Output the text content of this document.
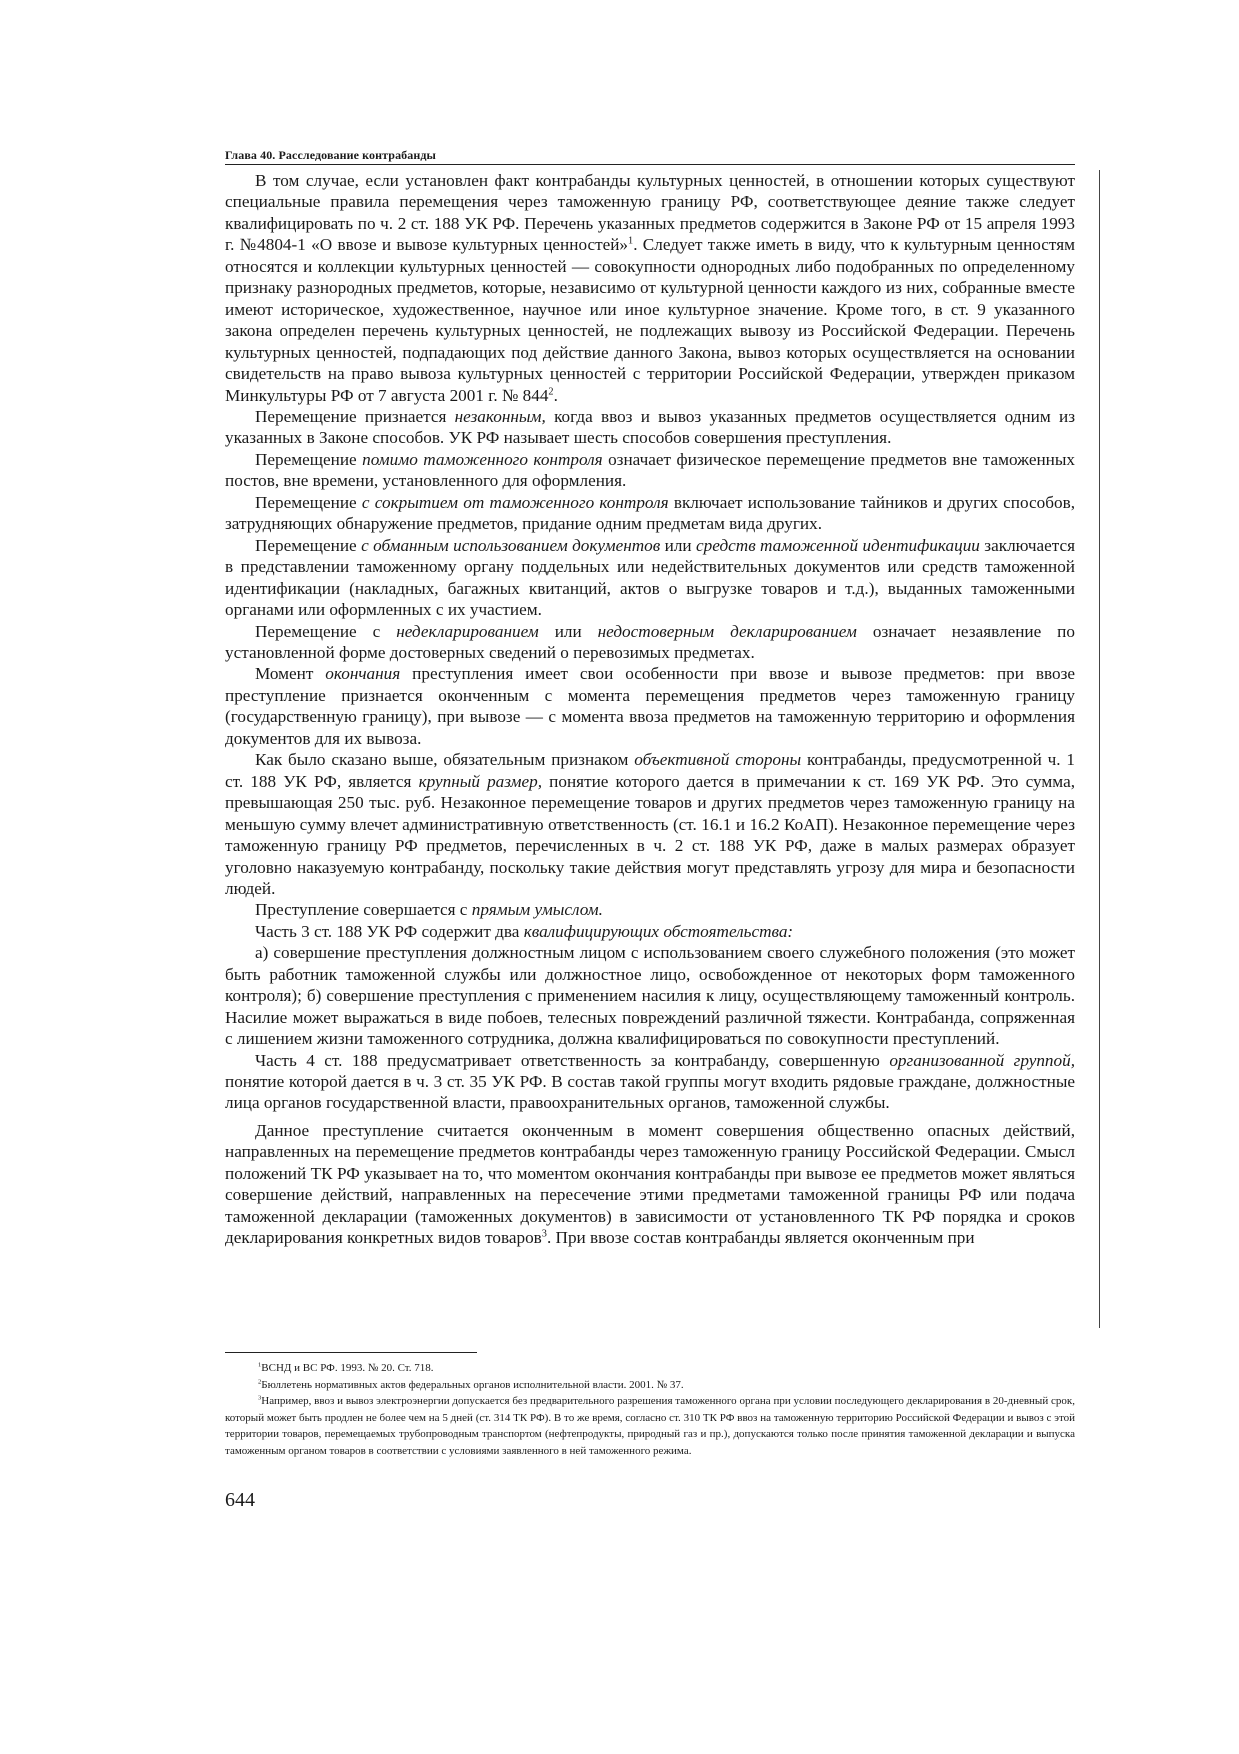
Глава 40. Расследование контрабанды

В том случае, если установлен факт контрабанды культурных ценностей, в отношении которых существуют специальные правила перемещения через таможенную границу РФ, соответствующее деяние также следует квалифицировать по ч. 2 ст. 188 УК РФ. Перечень указанных предметов содержится в Законе РФ от 15 апреля 1993 г. №4804-1 «О ввозе и вывозе культурных ценностей»$^1$. Следует также иметь в виду, что к культурным ценностям относятся и коллекции культурных ценностей — совокупности однородных либо подобранных по определенному признаку разнородных предметов, которые, независимо от культурной ценности каждого из них, собранные вместе имеют историческое, художественное, научное или иное культурное значение. Кроме того, в ст. 9 указанного закона определен перечень культурных ценностей, не подлежащих вывозу из Российской Федерации. Перечень культурных ценностей, подпадающих под действие данного Закона, вывоз которых осуществляется на основании свидетельств на право вывоза культурных ценностей с территории Российской Федерации, утвержден приказом Минкультуры РФ от 7 августа 2001 г. № $844^2$.

Перемещение признается незаконным, когда ввоз и вывоз указанных предметов осуществляется одним из указанных в Законе способов. УК РФ называет шесть способов совершения преступления.

Перемещение помимо таможенного контроля означает физическое перемещение предметов вне таможенных постов, вне времени, установленного для оформления.

Перемещение с сокрытием от таможенного контроля включает использование тайников и других способов, затрудняющих обнаружение предметов, придание одним предметам вида других.

Перемещение с обманным использованием документов или средств таможенной идентификации заключается в представлении таможенному органу поддельных или недействительных документов или средств таможенной идентификации (накладных, багажных квитанций, актов о выгрузке товаров и т.д.), выданных таможенными органами или оформленных с их участием.

Перемещение с недекларированием или недостоверным декларированием означает незаявление по установленной форме достоверных сведений о перевозимых предметах.

Момент окончания преступления имеет свои особенности при ввозе и вывозе предметов: при ввозе преступление признается оконченным с момента перемещения предметов через таможенную границу (государственную границу), при вывозе — с момента ввоза предметов на таможенную территорию и оформления документов для их вывоза.

Как было сказано выше, обязательным признаком объективной стороны контрабанды, предусмотренной ч. 1 ст. 188 УК РФ, является крупный размер, понятие которого дается в примечании к ст. 169 УК РФ. Это сумма, превышающая 250 тыс. руб. Незаконное перемещение товаров и других предметов через таможенную границу на меньшую сумму влечет административную ответственность (ст. 16.1 и 16.2 КоАП). Незаконное перемещение через таможенную границу РФ предметов, перечисленных в ч. 2 ст. 188 УК РФ, даже в малых размерах образует уголовно наказуемую контрабанду, поскольку такие действия могут представлять угрозу для мира и безопасности людей.

Преступление совершается с прямым умыслом.

Часть 3 ст. 188 УК РФ содержит два квалифицирующих обстоятельства:

а) совершение преступления должностным лицом с использованием своего служебного положения (это может быть работник таможенной службы или должностное лицо, освобожденное от некоторых форм таможенного контроля); б) совершение преступления с применением насилия к лицу, осуществляющему таможенный контроль. Насилие может выражаться в виде побоев, телесных повреждений различной тяжести. Контрабанда, сопряженная с лишением жизни таможенного сотрудника, должна квалифицироваться по совокупности преступлений.

Часть 4 ст. 188 предусматривает ответственность за контрабанду, совершенную организованной группой, понятие которой дается в ч. 3 ст. 35 УК РФ. В состав такой группы могут входить рядовые граждане, должностные лица органов государственной власти, правоохранительных органов, таможенной службы.

Данное преступление считается оконченным в момент совершения общественно опасных действий, направленных на перемещение предметов контрабанды через таможенную границу Российской Федерации. Смысл положений ТК РФ указывает на то, что моментом окончания контрабанды при вывозе ее предметов может являться совершение действий, направленных на пересечение этими предметами таможенной границы РФ или подача таможенной декларации (таможенных документов) в зависимости от установленного ТК РФ порядка и сроков декларирования конкретных видов товаров$^3$. При ввозе состав контрабанды является оконченным при

$^1$ВСНД и ВС РФ. 1993. № 20. Ст. 718.

$^2$Бюллетень нормативных актов федеральных органов исполнительной власти. 2001. № 37.

$^3$Например, ввоз и вывоз электроэнергии допускается без предварительного разрешения таможенного органа при условии последующего декларирования в 20-дневный срок, который может быть продлен не более чем на 5 дней (ст. 314 ТК РФ). В то же время, согласно ст. 310 ТК РФ ввоз на таможенную территорию Российской Федерации и вывоз с этой территории товаров, перемещаемых трубопроводным транспортом (нефтепродукты, природный газ и пр.), допускаются только после принятия таможенной декларации и выпуска таможенным органом товаров в соответствии с условиями заявленного в ней таможенного режима.

644
